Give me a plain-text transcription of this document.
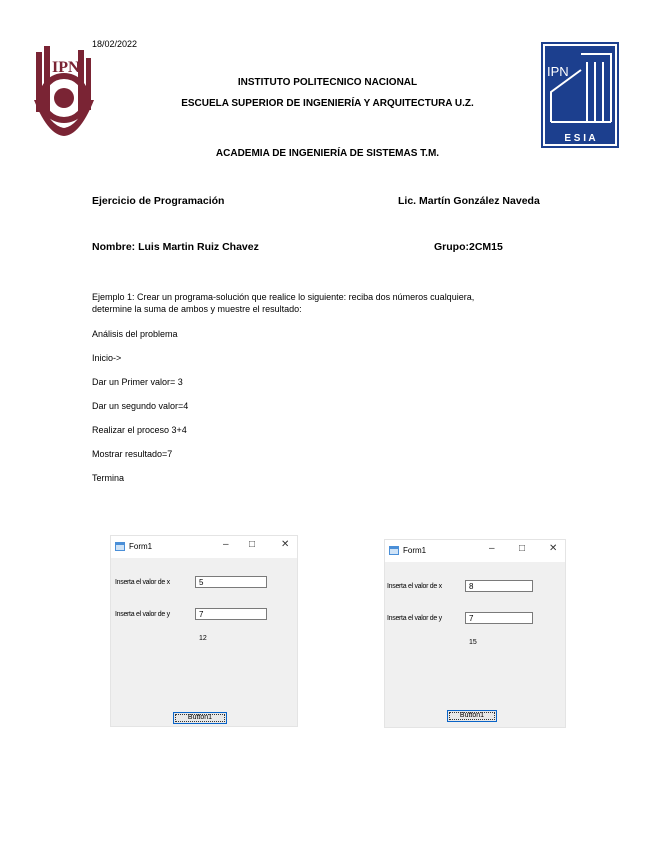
18/02/2022
IPN	IPN
E S I A
INSTITUTO POLITECNICO NACIONAL
ESCUELA SUPERIOR DE INGENIERÍA Y ARQUITECTURA U.Z.
ACADEMIA DE INGENIERÍA DE SISTEMAS T.M.
Ejercicio de Programación	Lic. Martín González Naveda
Nombre: Luis Martin Ruiz Chavez	Grupo:2CM15
Ejemplo 1: Crear un programa-solución que realice lo siguiente: reciba dos números cualquiera,
determine la suma de ambos y muestre el resultado:
Análisis del problema
Inicio->
Dar un Primer valor= 3
Dar un segundo valor=4
Realizar el proceso 3+4
Mostrar resultado=7
Termina
Form1	– □	✕
Inserta el valor de x	5
Inserta el valor de y	7
12
Button1
Form1	– □ ✕
Inserta el valor de x	8
Inserta el valor de y	7
15
Button1
